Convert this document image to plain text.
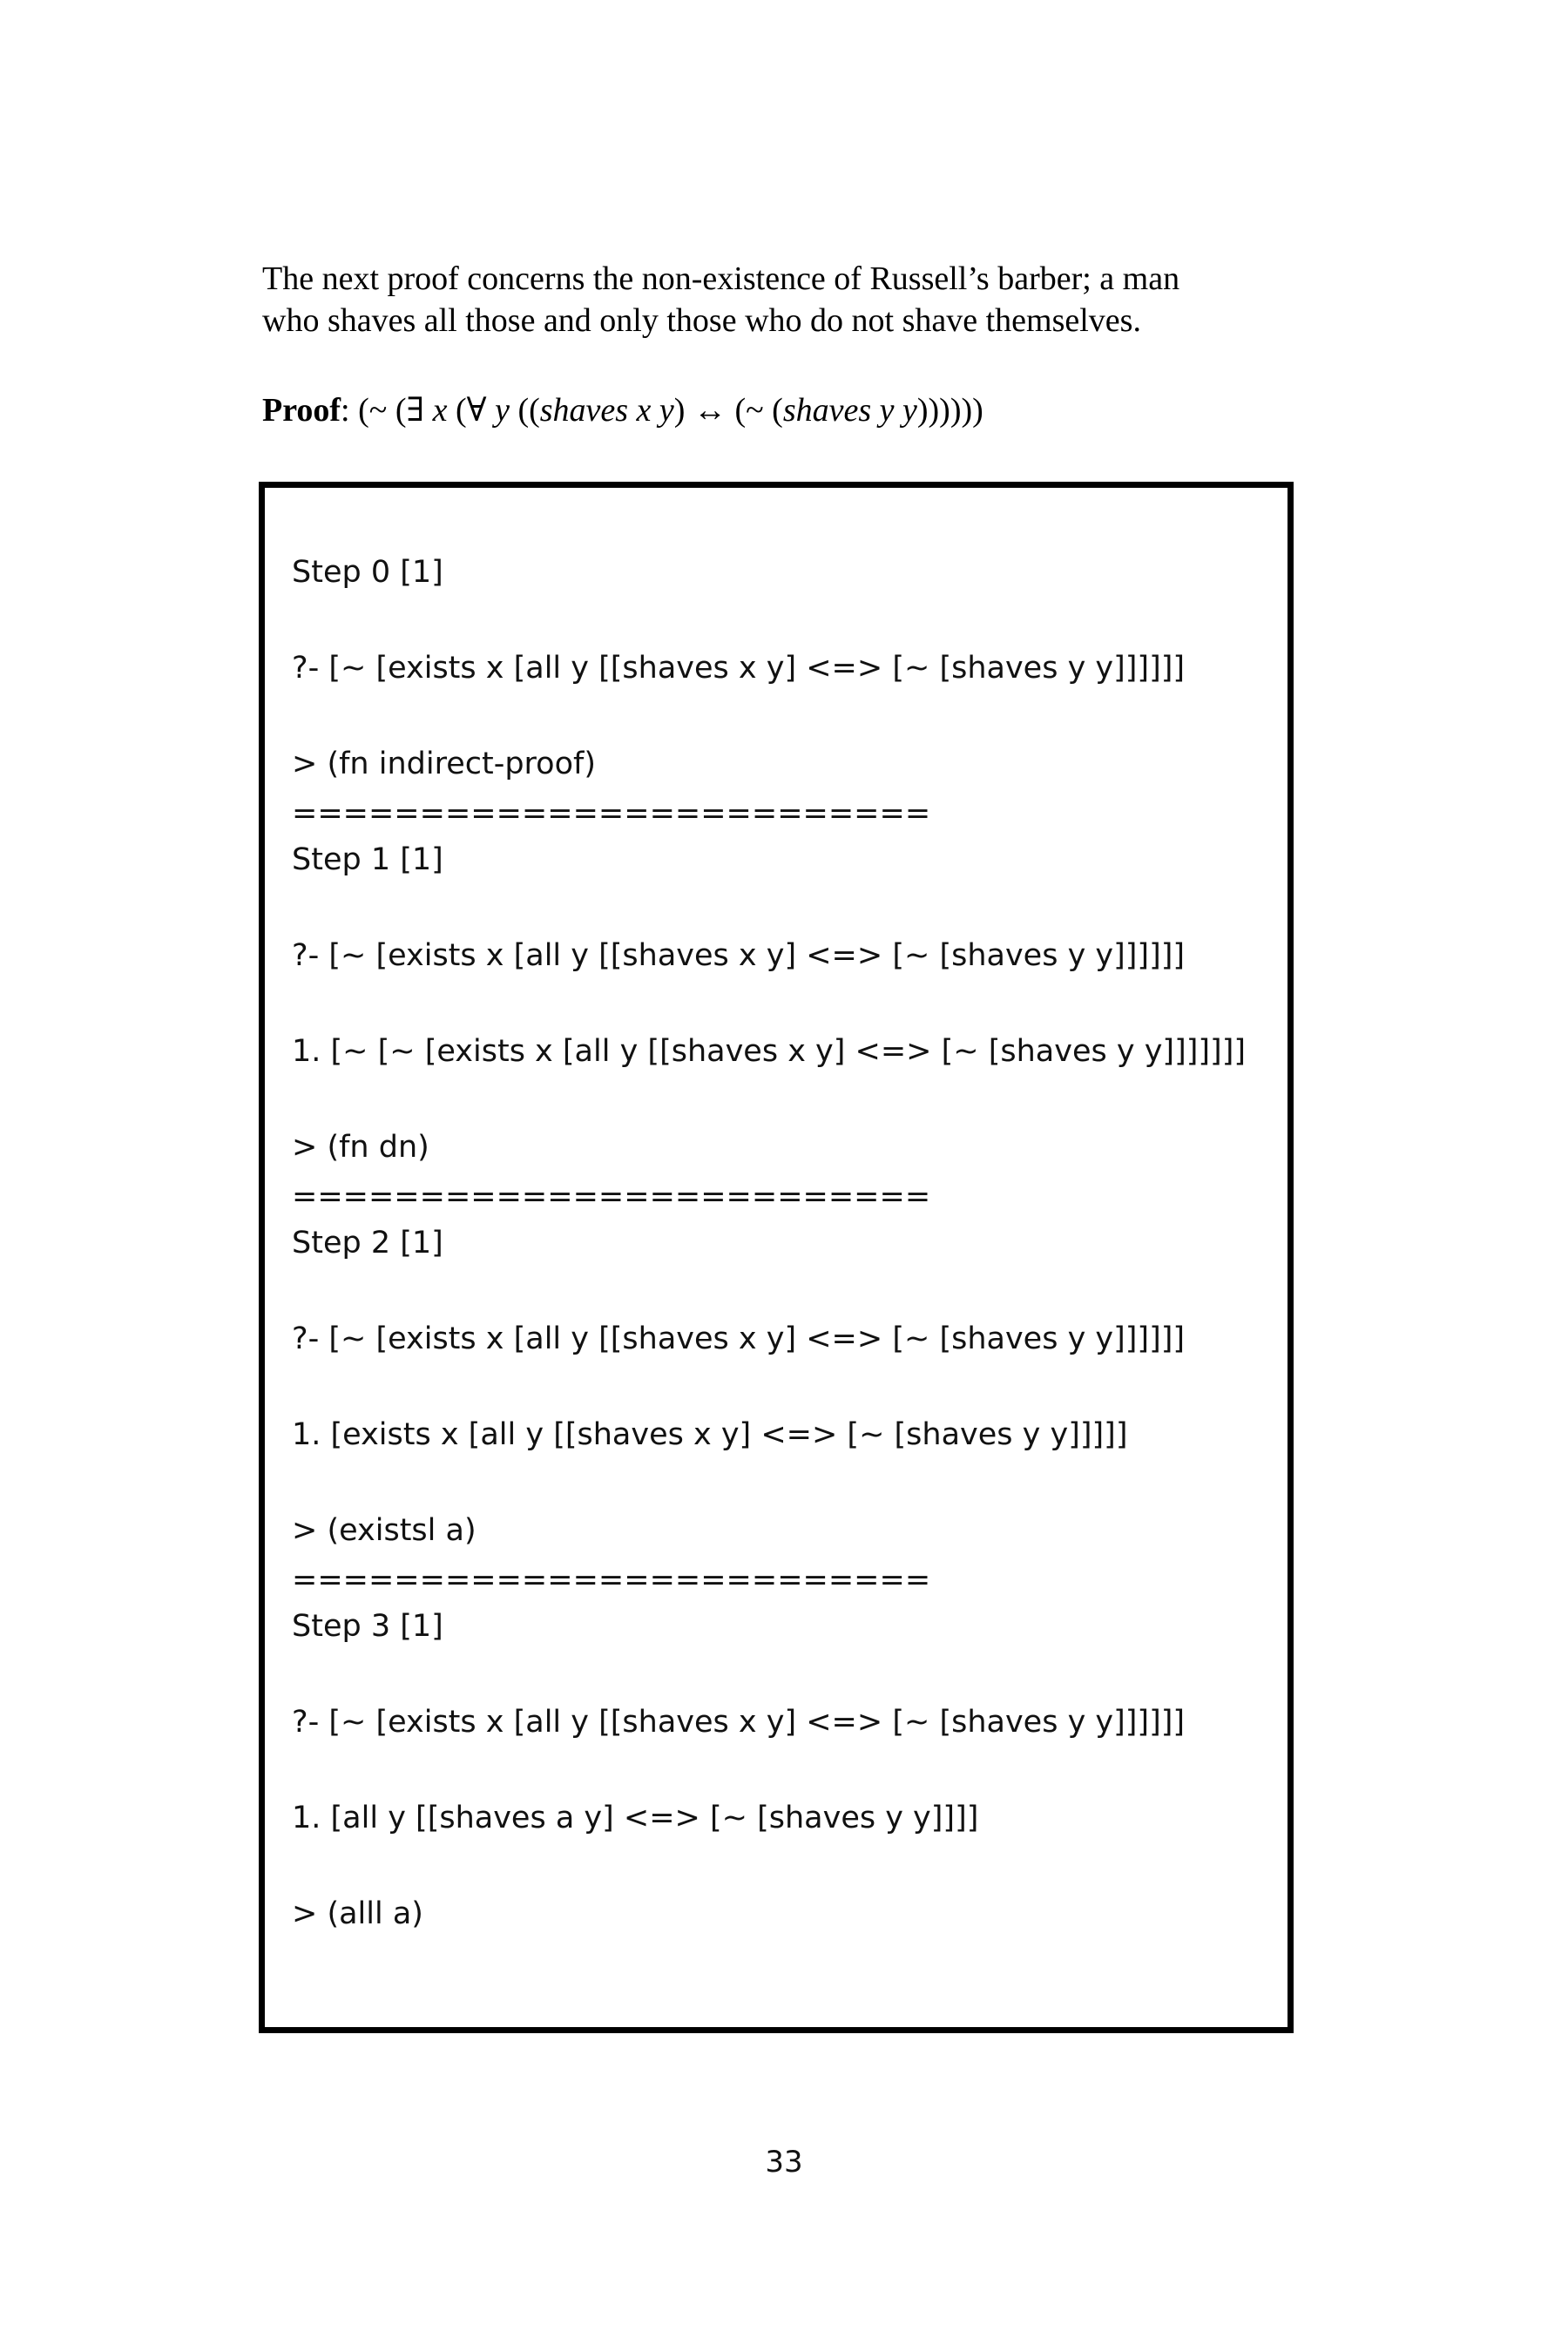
The next proof concerns the non-existence of Russell’s barber; a man

who shaves all those and only those who do not shave themselves.

Proof: (~ (∃ x (∀ y ((shaves x y) ↔ (~ (shaves y y))))))

Step 0 [1]

?- [~ [exists x [all y [[shaves x y] <=> [~ [shaves y y]]]]]]

> (fn indirect-proof)

=========================

Step 1 [1]

?- [~ [exists x [all y [[shaves x y] <=> [~ [shaves y y]]]]]]

1. [~ [~ [exists x [all y [[shaves x y] <=> [~ [shaves y y]]]]]]]

> (fn dn)

=========================

Step 2 [1]

?- [~ [exists x [all y [[shaves x y] <=> [~ [shaves y y]]]]]]

1. [exists x [all y [[shaves x y] <=> [~ [shaves y y]]]]]

> (existsl a)

=========================

Step 3 [1]

?- [~ [exists x [all y [[shaves x y] <=> [~ [shaves y y]]]]]]

1. [all y [[shaves a y] <=> [~ [shaves y y]]]]

> (alll a)

33
